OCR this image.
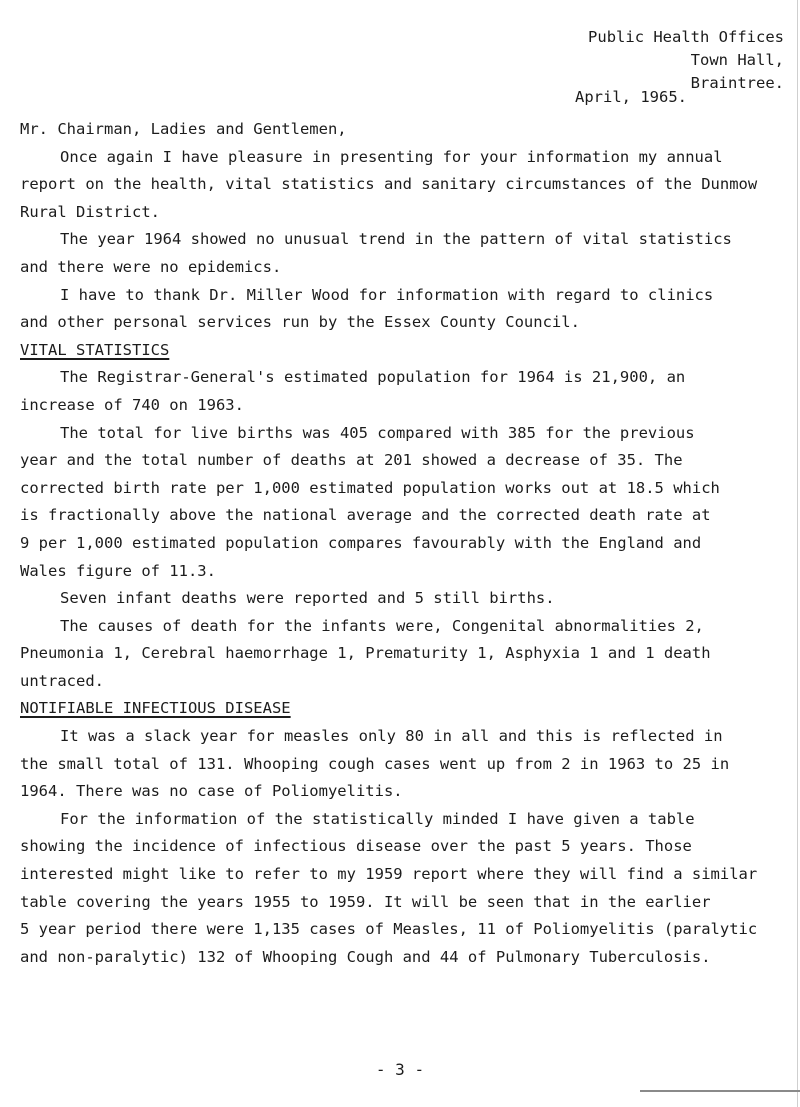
Public Health Offices
Town Hall,
Braintree.
April, 1965.
Mr. Chairman, Ladies and Gentlemen,
Once again I have pleasure in presenting for your information my annual
report on the health, vital statistics and sanitary circumstances of the Dunmow
Rural District.
The year 1964 showed no unusual trend in the pattern of vital statistics
and there were no epidemics.
I have to thank Dr. Miller Wood for information with regard to clinics
and other personal services run by the Essex County Council.
VITAL STATISTICS
The Registrar-General's estimated population for 1964 is 21,900, an
increase of 740 on 1963.
The total for live births was 405 compared with 385 for the previous
year and the total number of deaths at 201 showed a decrease of 35. The
corrected birth rate per 1,000 estimated population works out at 18.5 which
is fractionally above the national average and the corrected death rate at
9 per 1,000 estimated population compares favourably with the England and
Wales figure of 11.3.
Seven infant deaths were reported and 5 still births.
The causes of death for the infants were, Congenital abnormalities 2,
Pneumonia 1, Cerebral haemorrhage 1, Prematurity 1, Asphyxia 1 and 1 death
untraced.
NOTIFIABLE INFECTIOUS DISEASE
It was a slack year for measles only 80 in all and this is reflected in
the small total of 131. Whooping cough cases went up from 2 in 1963 to 25 in
1964. There was no case of Poliomyelitis.
For the information of the statistically minded I have given a table
showing the incidence of infectious disease over the past 5 years. Those
interested might like to refer to my 1959 report where they will find a similar
table covering the years 1955 to 1959. It will be seen that in the earlier
5 year period there were 1,135 cases of Measles, 11 of Poliomyelitis (paralytic
and non-paralytic) 132 of Whooping Cough and 44 of Pulmonary Tuberculosis.
- 3 -
